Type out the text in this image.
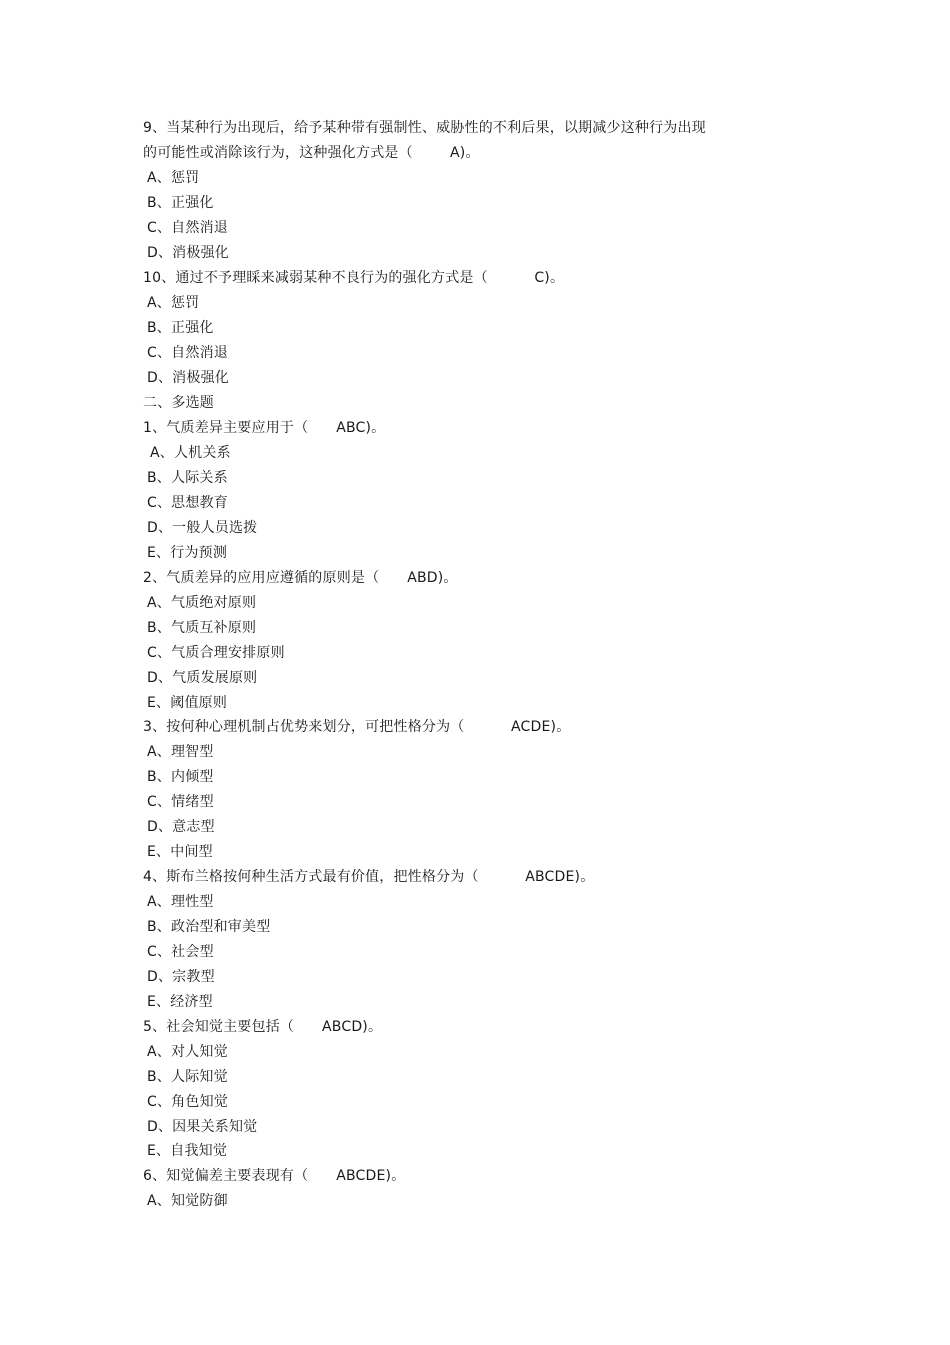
9、当某种行为出现后，给予某种带有强制性、威胁性的不利后果，以期减少这种行为出现
的可能性或消除该行为，这种强化方式是（        A)。
A、惩罚
B、正强化
C、自然消退
D、消极强化
10、通过不予理睬来减弱某种不良行为的强化方式是（          C)。
A、惩罚
B、正强化
C、自然消退
D、消极强化
二、多选题
1、气质差异主要应用于（      ABC)。
A、人机关系
B、人际关系
C、思想教育
D、一般人员选拨
E、行为预测
2、气质差异的应用应遵循的原则是（      ABD)。
A、气质绝对原则
B、气质互补原则
C、气质合理安排原则
D、气质发展原则
E、阈值原则
3、按何种心理机制占优势来划分，可把性格分为（          ACDE)。
A、理智型
B、内倾型
C、情绪型
D、意志型
E、中间型
4、斯布兰格按何种生活方式最有价值，把性格分为（          ABCDE)。
A、理性型
B、政治型和审美型
C、社会型
D、宗教型
E、经济型
5、社会知觉主要包括（      ABCD)。
A、对人知觉
B、人际知觉
C、角色知觉
D、因果关系知觉
E、自我知觉
6、知觉偏差主要表现有（      ABCDE)。
A、知觉防御
